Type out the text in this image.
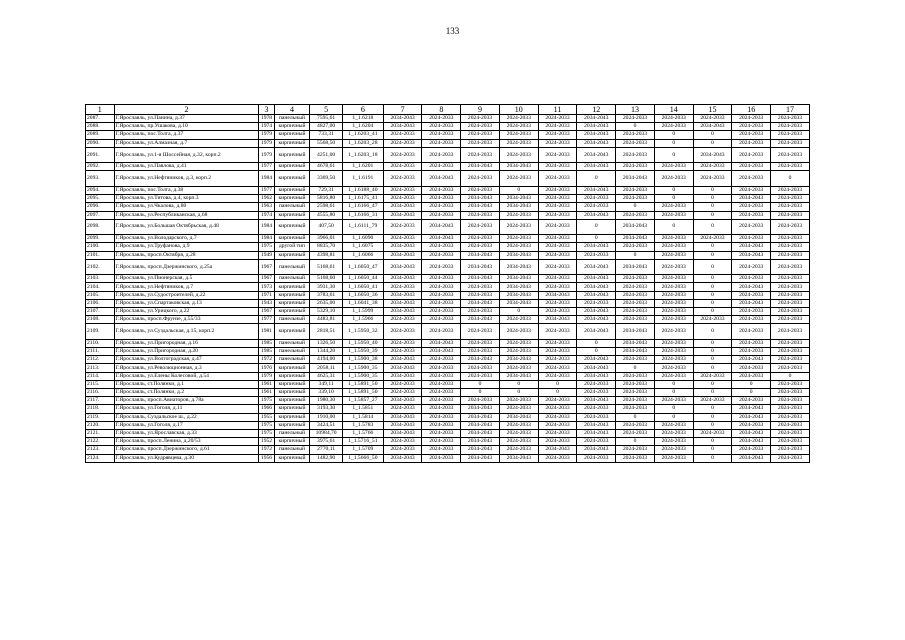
133
1	2	3	4	5	6	7	8	9	10	11	12	13	14	15	16	17
2087.	Г.Ярославль, ул.Панина, д.37	1978	панельный	7595,61	1_1.6218	2034-2043	2024-2033	2024-2033	2024-2033	2024-2033	2034-2043	2024-2033	2024-2033	2024-2033	2024-2033	2024-2033
2088.	Г.Ярославль, пр.Ушакова, д.10	1974	кирпичный	4827,00	1_1.6204	2034-2043	2024-2033	2024-2033	2024-2033	2024-2033	2034-2043	0	2024-2033	2034-2043	2024-2033	2024-2033
2089.	Г.Ярославль, пос.Толга, д.37	1979	кирпичный	733,31	1_1.6203_41	2024-2033	2024-2033	2024-2033	2024-2033	2024-2033	2034-2043	2024-2033	0	0	2024-2033	2024-2033
2090.	Г.Ярославль, ул.Алмазная, д.7	1979	кирпичный	5568,50	1_1.6203_28	2024-2033	2024-2033	2024-2033	2024-2033	2024-2033	2034-2043	2024-2033	0	0	2024-2033	2024-2033
2091.	Г.Ярославль, ул.1-я Шоссейная, д.32, корп.2	1979	кирпичный	4251,00	1_1.6203_18	2024-2033	2024-2033	2024-2033	2024-2033	2024-2033	2034-2043	2024-2033	0	2034-2043	2024-2033	2024-2033
2092.	Г.Ярославль, ул.Павлова, д.41	1977	кирпичный	4678,61	1_1.6201	2024-2033	2024-2033	2034-2043	2034-2043	2024-2033	2034-2043	2024-2033	2024-2033	2024-2033	2024-2033	2024-2033
2093.	Г.Ярославль, ул.Нефтяников, д.3, корп.2	1984	кирпичный	3369,50	1_1.6191	2024-2033	2034-2043	2024-2033	2024-2033	2024-2033	0	2034-2043	2024-2033	2024-2033	2024-2033	0
2094.	Г.Ярославль, пос.Толга, д.38	1977	кирпичный	729,31	1_1.6188_40	2024-2033	2024-2033	2024-2033	0	2024-2033	2034-2043	2024-2033	0	0	2024-2033	2024-2033
2095.	Г.Ярославль, ул.Титова, д.4, корп.3	1962	кирпичный	5816,80	1_1.6175_41	2024-2033	2024-2033	2034-2043	2034-2043	2024-2033	2024-2033	2024-2033	0	0	2034-2043	2024-2033
2096.	Г.Ярославль, ул.Чкалова, д.80	1963	панельный	2598,61	1_1.6166_47	2034-2043	2024-2033	2034-2043	2034-2043	2024-2033	2024-2033	0	2024-2033	0	2024-2033	2024-2033
2097.	Г.Ярославль, ул.Республиканская, д.68	1974	кирпичный	4555,80	1_1.6166_31	2034-2043	2024-2033	2024-2033	2024-2033	2024-2033	2034-2043	2024-2033	2024-2033	0	2024-2033	2024-2033
2098.	Г.Ярославль, ул.Большая Октябрьская, д.48	1984	кирпичный	407,50	1_1.6111_79	2024-2033	2034-2043	2024-2033	2024-2033	2024-2033	0	2034-2043	0	0	2024-2033	2024-2033
2099.	Г.Ярославль, ул.Володарского, д.7	1984	кирпичный	3966,01	1_1.6090	2024-2033	2034-2043	2024-2033	2024-2033	2024-2033	0	2034-2043	2024-2033	2024-2033	2024-2033	2024-2033
2100.	Г.Ярославль, ул.Труфанова, д.9	1975	другой тип	8835,70	1_1.6075	2034-2043	2024-2033	2024-2033	2024-2033	2024-2033	2034-2043	2024-2033	2024-2033	0	2034-2043	2024-2033
2101.	Г.Ярославль, просп.Октября, д.28	1949	кирпичный	4398,81	1_1.6066	2034-2043	2024-2033	2034-2043	2034-2043	2024-2033	2024-2033	0	2024-2033	0	2034-2043	2024-2033
2102.	Г.Ярославль, просп.Дзержинского, д.25а	1967	панельный	5168,61	1_1.6050_47	2034-2043	2024-2033	2034-2043	2034-2043	2024-2033	2034-2043	2034-2043	2024-2033	0	2024-2033	2024-2033
2103.	Г.Ярославль, ул.Пионерская, д.5	1967	панельный	5168,60	1_1.6050_44	2034-2043	2024-2033	2034-2043	2034-2043	2024-2033	2034-2043	2024-2033	2024-2033	0	2024-2033	2024-2033
2104.	Г.Ярославль, ул.Нефтяников, д.7	1973	кирпичный	3931,30	1_1.6050_41	2024-2033	2024-2033	2024-2033	2034-2043	2024-2033	2034-2043	2024-2033	2024-2033	0	2034-2043	2024-2033
2105.	Г.Ярославль, ул.Судостроителей, д.22	1971	кирпичный	3783,61	1_1.6050_36	2034-2043	2024-2033	2024-2033	2034-2043	2034-2043	2034-2043	2024-2033	2024-2033	0	2024-2033	2024-2033
2106.	Г.Ярославль, ул.Спартаковская, д.13	1943	кирпичный	2635,00	1_1.6041_38	2034-2043	2024-2033	2034-2043	2034-2043	2024-2033	2024-2033	2024-2033	2024-2033	0	2034-2043	2024-2033
2107.	Г.Ярославль, ул.Урицкого, д.22	1967	кирпичный	5329,10	1_1.5999	2034-2043	2024-2033	2024-2033	0	2024-2033	2034-2043	2024-2033	2024-2033	0	2024-2033	2024-2033
2108.	Г.Ярославль, просп.Фрунзе, д.55/33	1977	панельный	4483,81	1_1.5966	2024-2033	2024-2033	2034-2043	2024-2033	2034-2043	2034-2043	2024-2033	2024-2033	2024-2033	2024-2033	2024-2033
2109.	Г.Ярославль, ул.Суздальская, д.15, корп.2	1981	кирпичный	2818,51	1_1.5950_32	2024-2033	2024-2033	2024-2033	2024-2033	2024-2033	2034-2043	2034-2043	2024-2033	0	2024-2033	2024-2033
2110.	Г.Ярославль, ул.Пригородная, д.16	1985	панельный	1326,50	1_1.5950_40	2024-2033	2034-2043	2024-2033	2024-2033	2024-2033	0	2034-2043	2024-2033	0	2024-2033	2024-2033
2111.	Г.Ярославль, ул.Пригородная, д.20	1985	панельный	1344,20	1_1.5950_39	2024-2033	2034-2043	2024-2033	2024-2033	2024-2033	0	2034-2043	2024-2033	0	2024-2033	2024-2033
2112.	Г.Ярославль, ул.Волгоградская, д.47	1972	панельный	4194,00	1_1.5900_38	2034-2043	2024-2033	2034-2043	2034-2043	2024-2033	2034-2043	2024-2033	2024-2033	0	2034-2043	2024-2033
2113.	Г.Ярославль, ул.Революционная, д.3	1976	кирпичный	2058,11	1_1.5900_35	2034-2043	2024-2033	2024-2033	2024-2033	2024-2033	2034-2043	0	2024-2033	0	2024-2033	2024-2033
2114.	Г.Ярославль, ул.Елены Колесовой, д.54	1979	кирпичный	4625,31	1_1.5900_35	2034-2043	2024-2033	2024-2033	2034-2043	2024-2033	2034-2043	2024-2033	2024-2033	2024-2033	2024-2033	0
2115.	Г.Ярославль, ст.Полянки, д.1	1961	кирпичный	349,11	1_1.5891_50	2024-2033	2024-2033	0	0	0	2024-2033	2024-2033	0	0	0	2024-2033
2116.	Г.Ярославль, ст.Полянки, д.2	1961	кирпичный	339,10	1_1.5891_50	2024-2033	2024-2033	0	0	0	2024-2033	2024-2033	0	0	0	2024-2033
2117.	Г.Ярославль, просп.Авиаторов, д.78а	1975	кирпичный	1980,30	1_1.5857_27	2034-2043	2024-2033	2024-2033	2024-2033	2024-2033	2034-2043	2024-2033	2024-2033	2024-2033	2024-2033	2024-2033
2118.	Г.Ярославль, ул.Гоголя, д.11	1966	кирпичный	3193,30	1_1.5851	2024-2033	2024-2033	2034-2043	2024-2033	2024-2033	2024-2033	2024-2033	0	0	2034-2043	2024-2033
2119.	Г.Ярославль, Суздальское ш., д.22	1955	кирпичный	1910,00	1_1.5814	2034-2043	2024-2033	2034-2043	2034-2043	2024-2033	2024-2033	0	0	0	2034-2043	2024-2033
2120.	Г.Ярославль, ул.Гоголя, д.17	1975	кирпичный	3424,51	1_1.5783	2034-2043	2024-2033	2034-2043	2024-2033	2024-2033	2034-2043	2024-2033	2024-2033	0	2024-2033	2024-2033
2121.	Г.Ярославль, ул.Ярославская, д.33	1975	панельный	10984,70	1_1.5766	2034-2043	2024-2033	2034-2043	2024-2033	2024-2033	2034-2043	2024-2033	2024-2033	2024-2033	2034-2043	2024-2033
2122.	Г.Ярославль, просп.Ленина, д.20/53	1952	кирпичный	3975,61	1_1.5716_51	2024-2033	2024-2033	2034-2043	2024-2033	2024-2033	2024-2033	0	2024-2033	0	2034-2043	2024-2033
2123.	Г.Ярославль, просп.Дзержинского, д.61	1972	панельный	2770,11	1_1.5709	2024-2033	2024-2033	2034-2043	2024-2033	2034-2043	2034-2043	2024-2033	2024-2033	0	2024-2033	2024-2033
2124.	Г.Ярославль, ул.Кудрявцева, д.30	1956	кирпичный	1482,90	1_1.5666_50	2034-2043	2024-2033	2034-2043	2034-2043	2024-2033	2024-2033	2024-2033	2024-2033	0	2034-2043	2024-2033
